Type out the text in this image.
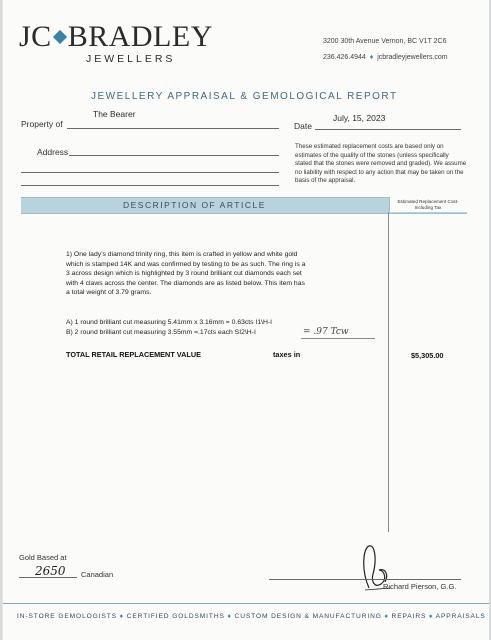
JC BRADLEY
JEWELLERS
3200 30th Avenue Vernon, BC V1T 2C6
236.426.4944  ♦  jcbradleyjewellers.com
JEWELLERY APPRAISAL & GEMOLOGICAL REPORT
Property of
The Bearer
Date
July, 15, 2023
Address
These estimated replacement costs are based only on estimates of the quality of the stones (unless specifically stated that the stones were removed and graded). We assume no liability with respect to any action that may be taken on the basis of the appraisal.
DESCRIPTION OF ARTICLE	Estimated Replacement Cost-Including Tax
1) One lady’s diamond trinity ring, this item is crafted in yellow and white gold which is stamped 14K and was confirmed by testing to be as such. The ring is a 3 across design which is highlighted by 3 round brilliant cut diamonds each set with 4 claws across the center. The diamonds are as listed below. This item has a total weight of 3.79 grams.
A) 1 round brilliant cut measuring 5.41mm x 3.16mm = 0.63cts I1\H-I
B) 2 round brilliant cut measuring 3.55mm =.17cts each SI2\H-I	= .97 Tcw
TOTAL RETAIL REPLACEMENT VALUE	taxes in	$5,305.00
Gold Based at
2650 Canadian
Richard Pierson, G.G.
IN-STORE GEMOLOGISTS ♦ CERTIFIED GOLDSMITHS ♦ CUSTOM DESIGN & MANUFACTURING ♦ REPAIRS ♦ APPRAISALS
